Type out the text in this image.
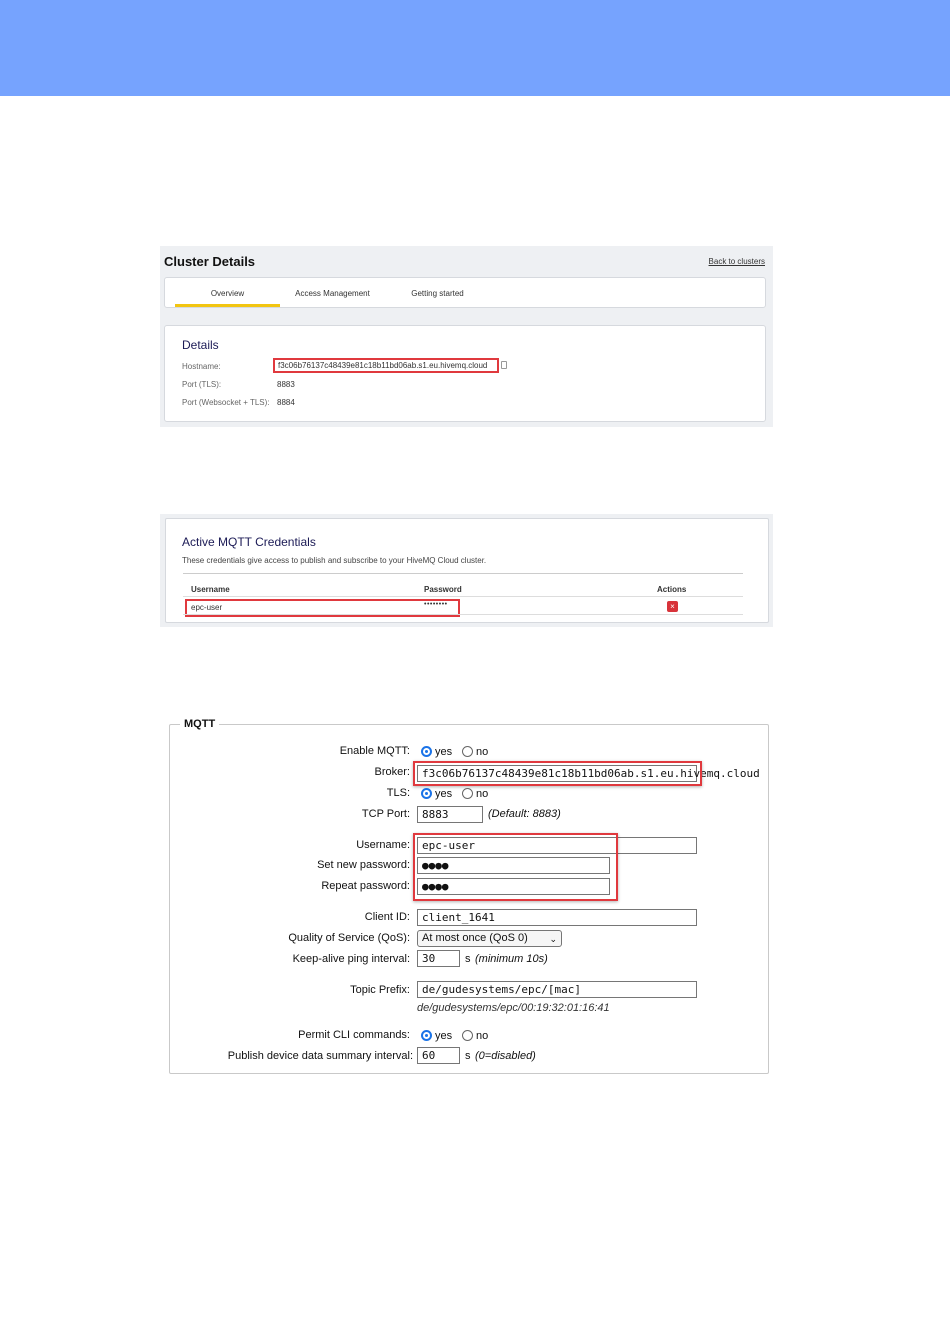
Cluster Details	Back to clusters
Overview	Access Management	Getting started
Details
Hostname:	f3c06b76137c48439e81c18b11bd06ab.s1.eu.hivemq.cloud
Port (TLS):	8883
Port (Websocket + TLS): 8884
Active MQTT Credentials
These credentials give access to publish and subscribe to your HiveMQ Cloud cluster.
Username	Password	Actions
epc-user	••••••••	×
MQTT
Enable MQTT: yes no
Broker:	f3c06b76137c48439e81c18b11bd06ab.s1.eu.hivemq.cloud
TLS: yes no
TCP Port:	8883	(Default: 8883)
Username:	epc-user
Set new password:	●●●●
Repeat password:	●●●●
Client ID:	client_1641
Quality of Service (QoS):	At most once (QoS 0) ⌄
Keep-alive ping interval:	30	s (minimum 10s)
Topic Prefix:	de/gudesystems/epc/[mac]
de/gudesystems/epc/00:19:32:01:16:41
Permit CLI commands: yes no
Publish device data summary interval: 60	s (0=disabled)
